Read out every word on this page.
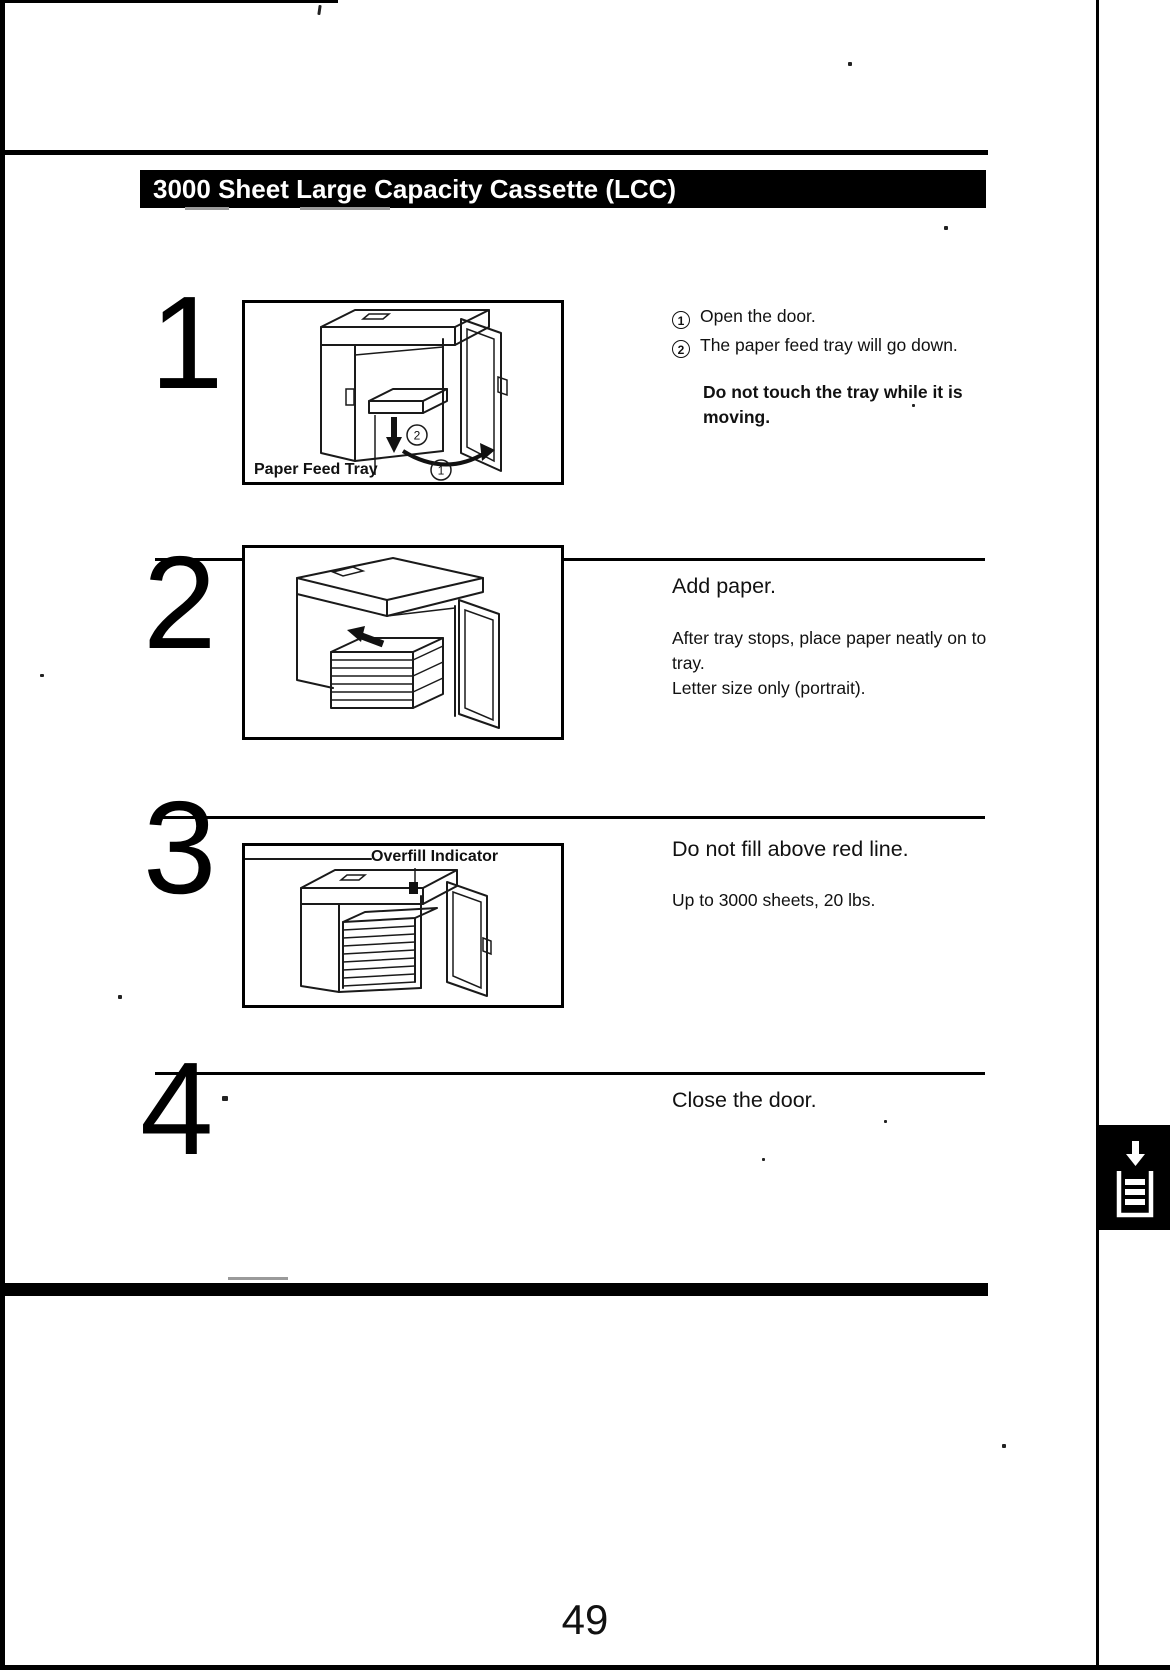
3000 Sheet Large Capacity Cassette (LCC)
1
2
1
Paper Feed Tray
1 Open the door.
2 The paper feed tray will go down.
Do not touch the tray while it is
moving.
2	Add paper.
After tray stops, place paper neatly on to
tray.
Letter size only (portrait).
3	Overfill Indicator	Do not fill above red line.
Up to 3000 sheets, 20 lbs.
4	Close the door.
49
